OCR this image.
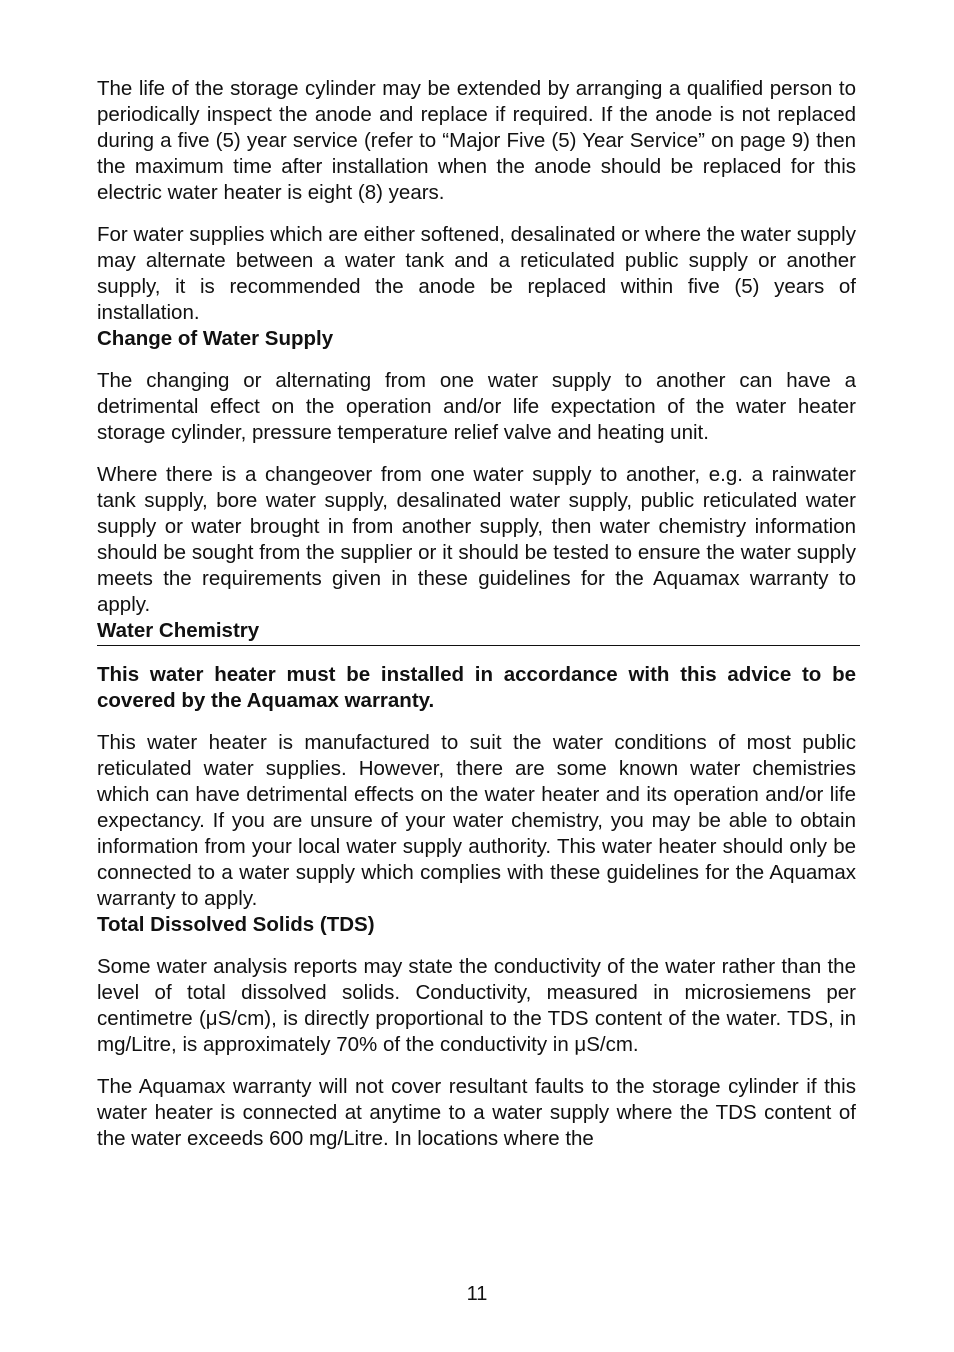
The life of the storage cylinder may be extended by arranging a qualified person to periodically inspect the anode and replace if required. If the anode is not replaced during a five (5) year service (refer to “Major Five (5) Year Service” on page 9) then the maximum time after installation when the anode should be replaced for this electric water heater is eight (8) years.

For water supplies which are either softened, desalinated or where the water supply may alternate between a water tank and a reticulated public supply or another supply, it is recommended the anode be replaced within five (5) years of installation.

Change of Water Supply

The changing or alternating from one water supply to another can have a detrimental effect on the operation and/or life expectation of the water heater storage cylinder, pressure temperature relief valve and heating unit.

Where there is a changeover from one water supply to another, e.g. a rainwater tank supply, bore water supply, desalinated water supply, public reticulated water supply or water brought in from another supply, then water chemistry information should be sought from the supplier or it should be tested to ensure the water supply meets the requirements given in these guidelines for the Aquamax warranty to apply.

Water Chemistry

This water heater must be installed in accordance with this advice to be covered by the Aquamax warranty.

This water heater is manufactured to suit the water conditions of most public reticulated water supplies. However, there are some known water chemistries which can have detrimental effects on the water heater and its operation and/or life expectancy. If you are unsure of your water chemistry, you may be able to obtain information from your local water supply authority. This water heater should only be connected to a water supply which complies with these guidelines for the Aquamax warranty to apply.

Total Dissolved Solids (TDS)

Some water analysis reports may state the conductivity of the water rather than the level of total dissolved solids. Conductivity, measured in microsiemens per centimetre (μS/cm), is directly proportional to the TDS content of the water. TDS, in mg/Litre, is approximately 70% of the conductivity in μS/cm.

The Aquamax warranty will not cover resultant faults to the storage cylinder if this water heater is connected at anytime to a water supply where the TDS content of the water exceeds 600 mg/Litre. In locations where the

11
